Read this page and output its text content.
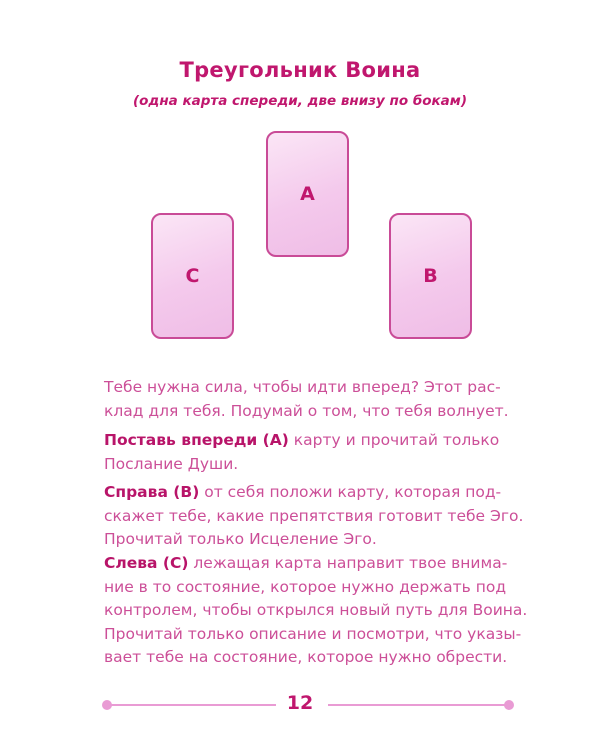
Треугольник Воина
(одна карта спереди, две внизу по бокам)
A
C	B
Тебе нужна сила, чтобы идти вперед? Этот рас-
клад для тебя. Подумай о том, что тебя волнует.
Поставь впереди (А) карту и прочитай только
Послание Души.
Справа (В) от себя положи карту, которая под-
скажет тебе, какие препятствия готовит тебе Эго.
Прочитай только Исцеление Эго.
Слева (С) лежащая карта направит твое внима-
ние в то состояние, которое нужно держать под
контролем, чтобы открылся новый путь для Воина.
Прочитай только описание и посмотри, что указы-
вает тебе на состояние, которое нужно обрести.
12
